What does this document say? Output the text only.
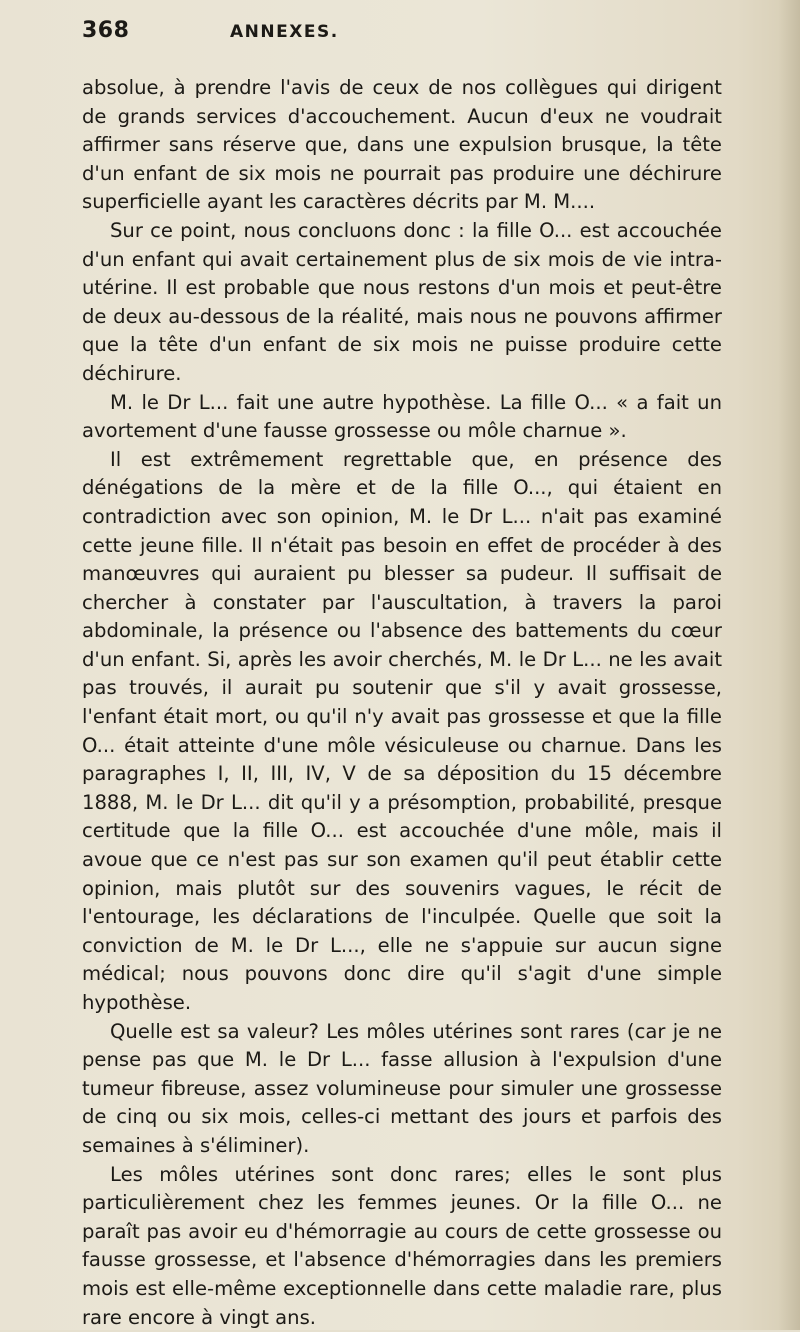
368	ANNEXES.

absolue, à prendre l'avis de ceux de nos collègues qui dirigent de grands services d'accouchement. Aucun d'eux ne voudrait affirmer sans réserve que, dans une expulsion brusque, la tête d'un enfant de six mois ne pourrait pas produire une déchirure superficielle ayant les caractères décrits par M. M....

Sur ce point, nous concluons donc : la fille O... est accouchée d'un enfant qui avait certainement plus de six mois de vie intra-utérine. Il est probable que nous restons d'un mois et peut-être de deux au-dessous de la réalité, mais nous ne pouvons affirmer que la tête d'un enfant de six mois ne puisse produire cette déchirure.

M. le Dr L... fait une autre hypothèse. La fille O... « a fait un avortement d'une fausse grossesse ou môle charnue ».

Il est extrêmement regrettable que, en présence des dénégations de la mère et de la fille O..., qui étaient en contradiction avec son opinion, M. le Dr L... n'ait pas examiné cette jeune fille. Il n'était pas besoin en effet de procéder à des manœuvres qui auraient pu blesser sa pudeur. Il suffisait de chercher à constater par l'auscultation, à travers la paroi abdominale, la présence ou l'absence des battements du cœur d'un enfant. Si, après les avoir cherchés, M. le Dr L... ne les avait pas trouvés, il aurait pu soutenir que s'il y avait grossesse, l'enfant était mort, ou qu'il n'y avait pas grossesse et que la fille O... était atteinte d'une môle vésiculeuse ou charnue. Dans les paragraphes I, II, III, IV, V de sa déposition du 15 décembre 1888, M. le Dr L... dit qu'il y a présomption, probabilité, presque certitude que la fille O... est accouchée d'une môle, mais il avoue que ce n'est pas sur son examen qu'il peut établir cette opinion, mais plutôt sur des souvenirs vagues, le récit de l'entourage, les déclarations de l'inculpée. Quelle que soit la conviction de M. le Dr L..., elle ne s'appuie sur aucun signe médical; nous pouvons donc dire qu'il s'agit d'une simple hypothèse.

Quelle est sa valeur? Les môles utérines sont rares (car je ne pense pas que M. le Dr L... fasse allusion à l'expulsion d'une tumeur fibreuse, assez volumineuse pour simuler une grossesse de cinq ou six mois, celles-ci mettant des jours et parfois des semaines à s'éliminer).

Les môles utérines sont donc rares; elles le sont plus particulièrement chez les femmes jeunes. Or la fille O... ne paraît pas avoir eu d'hémorragie au cours de cette grossesse ou fausse grossesse, et l'absence d'hémorragies dans les premiers mois est elle-même exceptionnelle dans cette maladie rare, plus rare encore à vingt ans.
